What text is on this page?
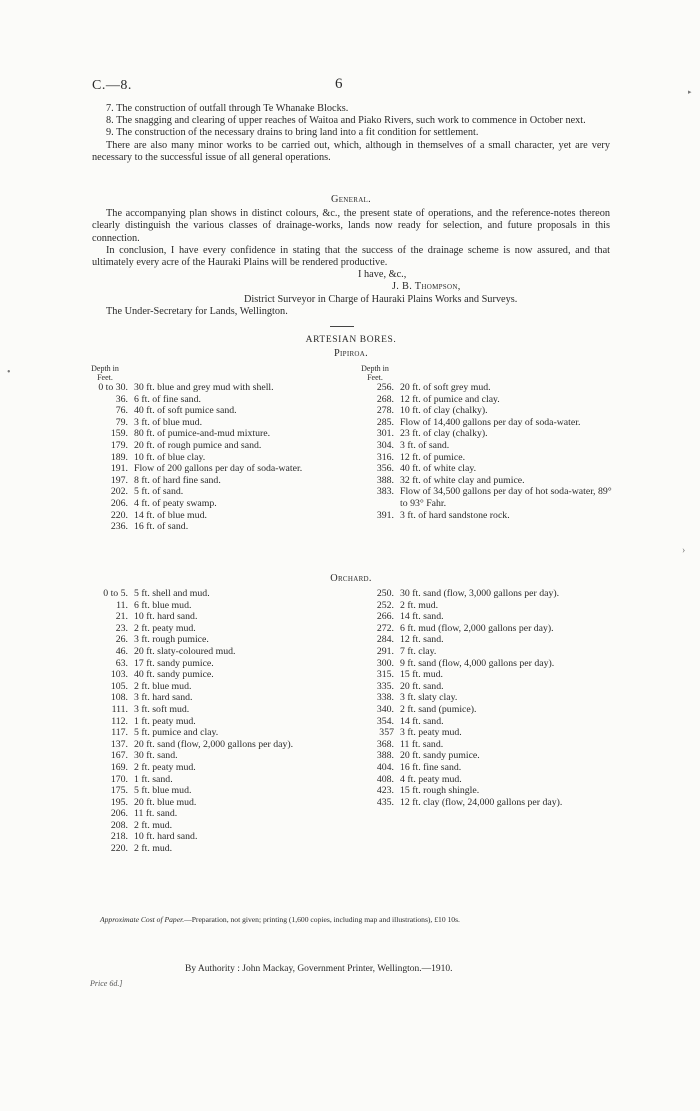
C.—8.	6

7. The construction of outfall through Te Whanake Blocks.

8. The snagging and clearing of upper reaches of Waitoa and Piako Rivers, such work to commence in October next.

9. The construction of the necessary drains to bring land into a fit condition for settlement.

There are also many minor works to be carried out, which, although in themselves of a small character, yet are very necessary to the successful issue of all general operations.

General.

The accompanying plan shows in distinct colours, &c., the present state of operations, and the reference-notes thereon clearly distinguish the various classes of drainage-works, lands now ready for selection, and future proposals in this connection.

In conclusion, I have every confidence in stating that the success of the drainage scheme is now assured, and that ultimately every acre of the Hauraki Plains will be rendered productive.

I have, &c.,

J. B. Thompson,

District Surveyor in Charge of Hauraki Plains Works and Surveys.

The Under-Secretary for Lands, Wellington.

ARTESIAN BORES.
Pipiroa.
Depth in
Feet.
0 to 30. 30 ft. blue and grey mud with shell.
36. 6 ft. of fine sand.
76. 40 ft. of soft pumice sand.
79. 3 ft. of blue mud.
159. 80 ft. of pumice-and-mud mixture.
179. 20 ft. of rough pumice and sand.
189. 10 ft. of blue clay.
191. Flow of 200 gallons per day of soda-water.
197. 8 ft. of hard fine sand.
202. 5 ft. of sand.
206. 4 ft. of peaty swamp.
220. 14 ft. of blue mud.
236. 16 ft. of sand.
Depth in
Feet.
256. 20 ft. of soft grey mud.
268. 12 ft. of pumice and clay.
278. 10 ft. of clay (chalky).
285. Flow of 14,400 gallons per day of soda-water.
301. 23 ft. of clay (chalky).
304. 3 ft. of sand.
316. 12 ft. of pumice.
356. 40 ft. of white clay.
388. 32 ft. of white clay and pumice.
383. Flow of 34,500 gallons per day of hot soda-water, 89° to 93° Fahr.
391. 3 ft. of hard sandstone rock.
Orchard.
0 to 5. 5 ft. shell and mud.
11. 6 ft. blue mud.
21. 10 ft. hard sand.
23. 2 ft. peaty mud.
26. 3 ft. rough pumice.
46. 20 ft. slaty-coloured mud.
63. 17 ft. sandy pumice.
103. 40 ft. sandy pumice.
105. 2 ft. blue mud.
108. 3 ft. hard sand.
111. 3 ft. soft mud.
112. 1 ft. peaty mud.
117. 5 ft. pumice and clay.
137. 20 ft. sand (flow, 2,000 gallons per day).
167. 30 ft. sand.
169. 2 ft. peaty mud.
170. 1 ft. sand.
175. 5 ft. blue mud.
195. 20 ft. blue mud.
206. 11 ft. sand.
208. 2 ft. mud.
218. 10 ft. hard sand.
220. 2 ft. mud.
250. 30 ft. sand (flow, 3,000 gallons per day).
252. 2 ft. mud.
266. 14 ft. sand.
272. 6 ft. mud (flow, 2,000 gallons per day).
284. 12 ft. sand.
291. 7 ft. clay.
300. 9 ft. sand (flow, 4,000 gallons per day).
315. 15 ft. mud.
335. 20 ft. sand.
338. 3 ft. slaty clay.
340. 2 ft. sand (pumice).
354. 14 ft. sand.
357 3 ft. peaty mud.
368. 11 ft. sand.
388. 20 ft. sandy pumice.
404. 16 ft. fine sand.
408. 4 ft. peaty mud.
423. 15 ft. rough shingle.
435. 12 ft. clay (flow, 24,000 gallons per day).
Approximate Cost of Paper.—Preparation, not given; printing (1,600 copies, including map and illustrations), £10 10s.
By Authority : John Mackay, Government Printer, Wellington.—1910.
Price 6d.]
•
›
▸
